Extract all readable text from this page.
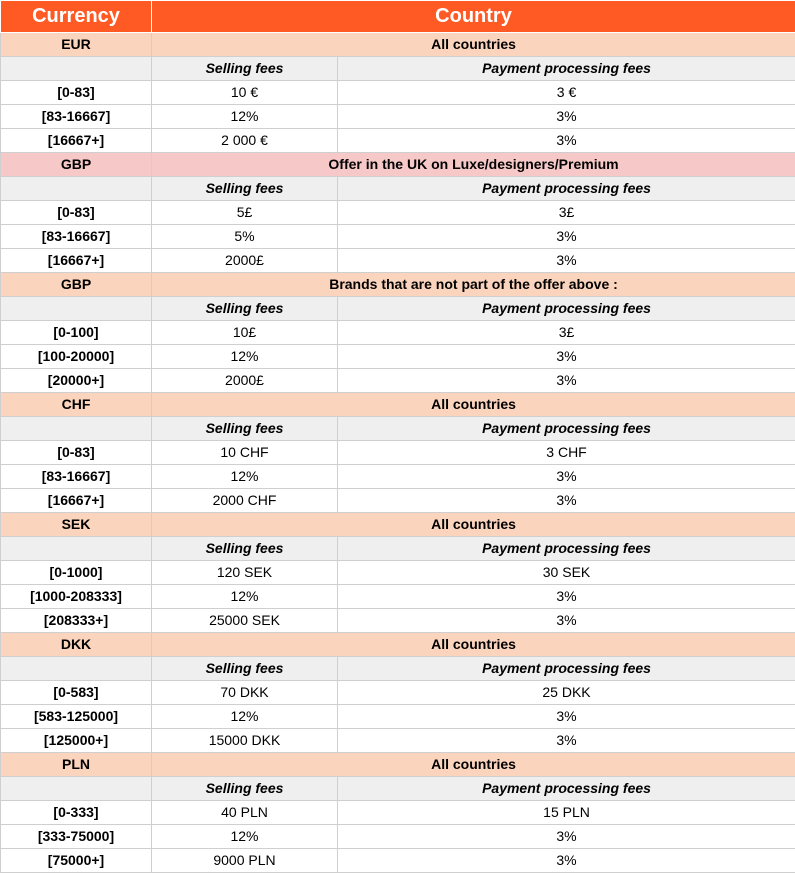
Currency	Country	
EUR	All countries	
	Selling fees	Payment processing fees
[0-83]	10 €	3 €
[83-16667]	12%	3%
[16667+]	2 000 €	3%
GBP	Offer in the UK on Luxe/designers/Premium	
	Selling fees	Payment processing fees
[0-83]	5£	3£
[83-16667]	5%	3%
[16667+]	2000£	3%
GBP	Brands that are not part of the offer above :	
	Selling fees	Payment processing fees
[0-100]	10£	3£
[100-20000]	12%	3%
[20000+]	2000£	3%
CHF	All countries	
	Selling fees	Payment processing fees
[0-83]	10 CHF	3 CHF
[83-16667]	12%	3%
[16667+]	2000 CHF	3%
SEK	All countries	
	Selling fees	Payment processing fees
[0-1000]	120 SEK	30 SEK
[1000-208333]	12%	3%
[208333+]	25000 SEK	3%
DKK	All countries	
	Selling fees	Payment processing fees
[0-583]	70 DKK	25 DKK
[583-125000]	12%	3%
[125000+]	15000 DKK	3%
PLN	All countries	
	Selling fees	Payment processing fees
[0-333]	40 PLN	15 PLN
[333-75000]	12%	3%
[75000+]	9000 PLN	3%
